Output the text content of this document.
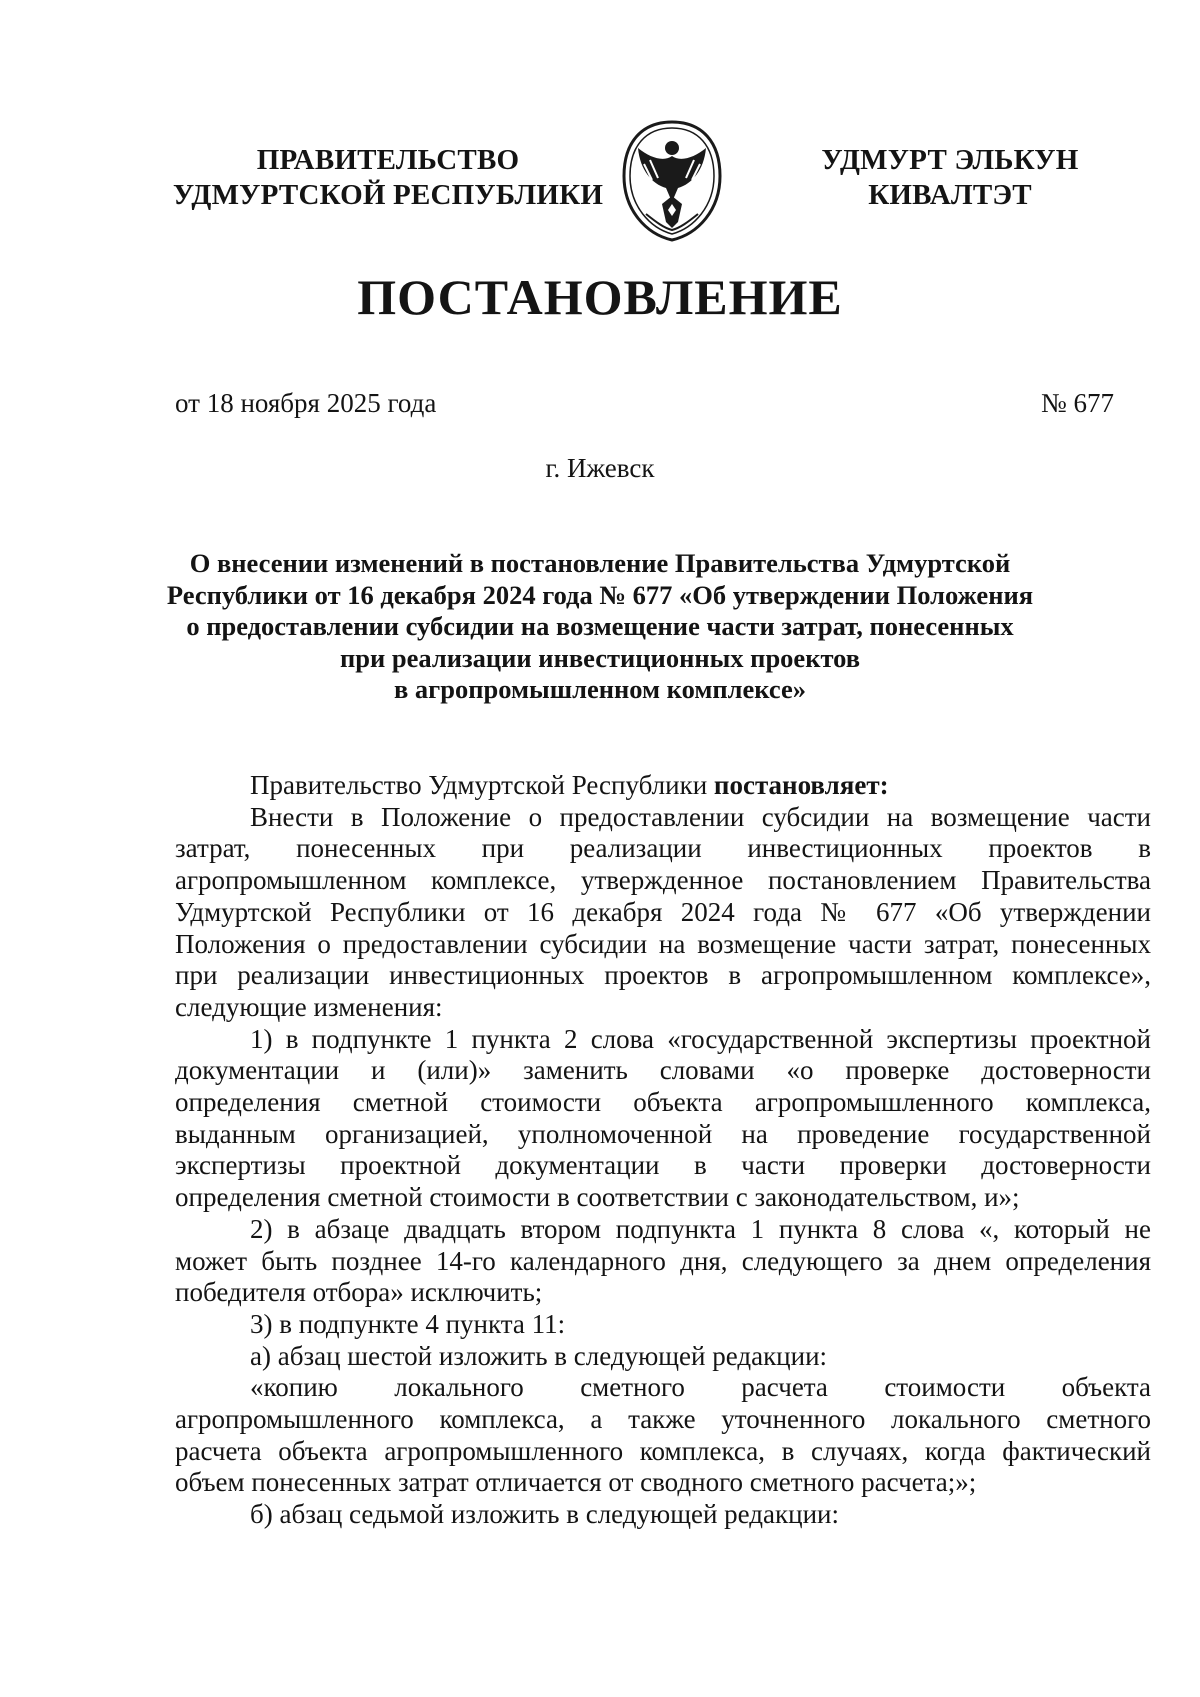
ПРАВИТЕЛЬСТВО
УДМУРТСКОЙ РЕСПУБЛИКИ
УДМУРТ ЭЛЬКУН
КИВАЛТЭТ
ПОСТАНОВЛЕНИЕ
от 18 ноября 2025 года	№ 677
г. Ижевск
О внесении изменений в постановление Правительства Удмуртской
Республики от 16 декабря 2024 года № 677 «Об утверждении Положения
о предоставлении субсидии на возмещение части затрат, понесенных
при реализации инвестиционных проектов
в агропромышленном комплексе»
Правительство Удмуртской Республики постановляет:
Внести в Положение о предоставлении субсидии на возмещение части
затрат, понесенных при реализации инвестиционных проектов в
агропромышленном комплексе, утвержденное постановлением Правительства
Удмуртской Республики от 16 декабря 2024 года № 677 «Об утверждении
Положения о предоставлении субсидии на возмещение части затрат, понесенных
при реализации инвестиционных проектов в агропромышленном комплексе»,
следующие изменения:
1) в подпункте 1 пункта 2 слова «государственной экспертизы проектной
документации и (или)» заменить словами «о проверке достоверности
определения сметной стоимости объекта агропромышленного комплекса,
выданным организацией, уполномоченной на проведение государственной
экспертизы проектной документации в части проверки достоверности
определения сметной стоимости в соответствии с законодательством, и»;
2) в абзаце двадцать втором подпункта 1 пункта 8 слова «, который не
может быть позднее 14-го календарного дня, следующего за днем определения
победителя отбора» исключить;
3) в подпункте 4 пункта 11:
а) абзац шестой изложить в следующей редакции:
«копию локального сметного расчета стоимости объекта
агропромышленного комплекса, а также уточненного локального сметного
расчета объекта агропромышленного комплекса, в случаях, когда фактический
объем понесенных затрат отличается от сводного сметного расчета;»;
б) абзац седьмой изложить в следующей редакции:
